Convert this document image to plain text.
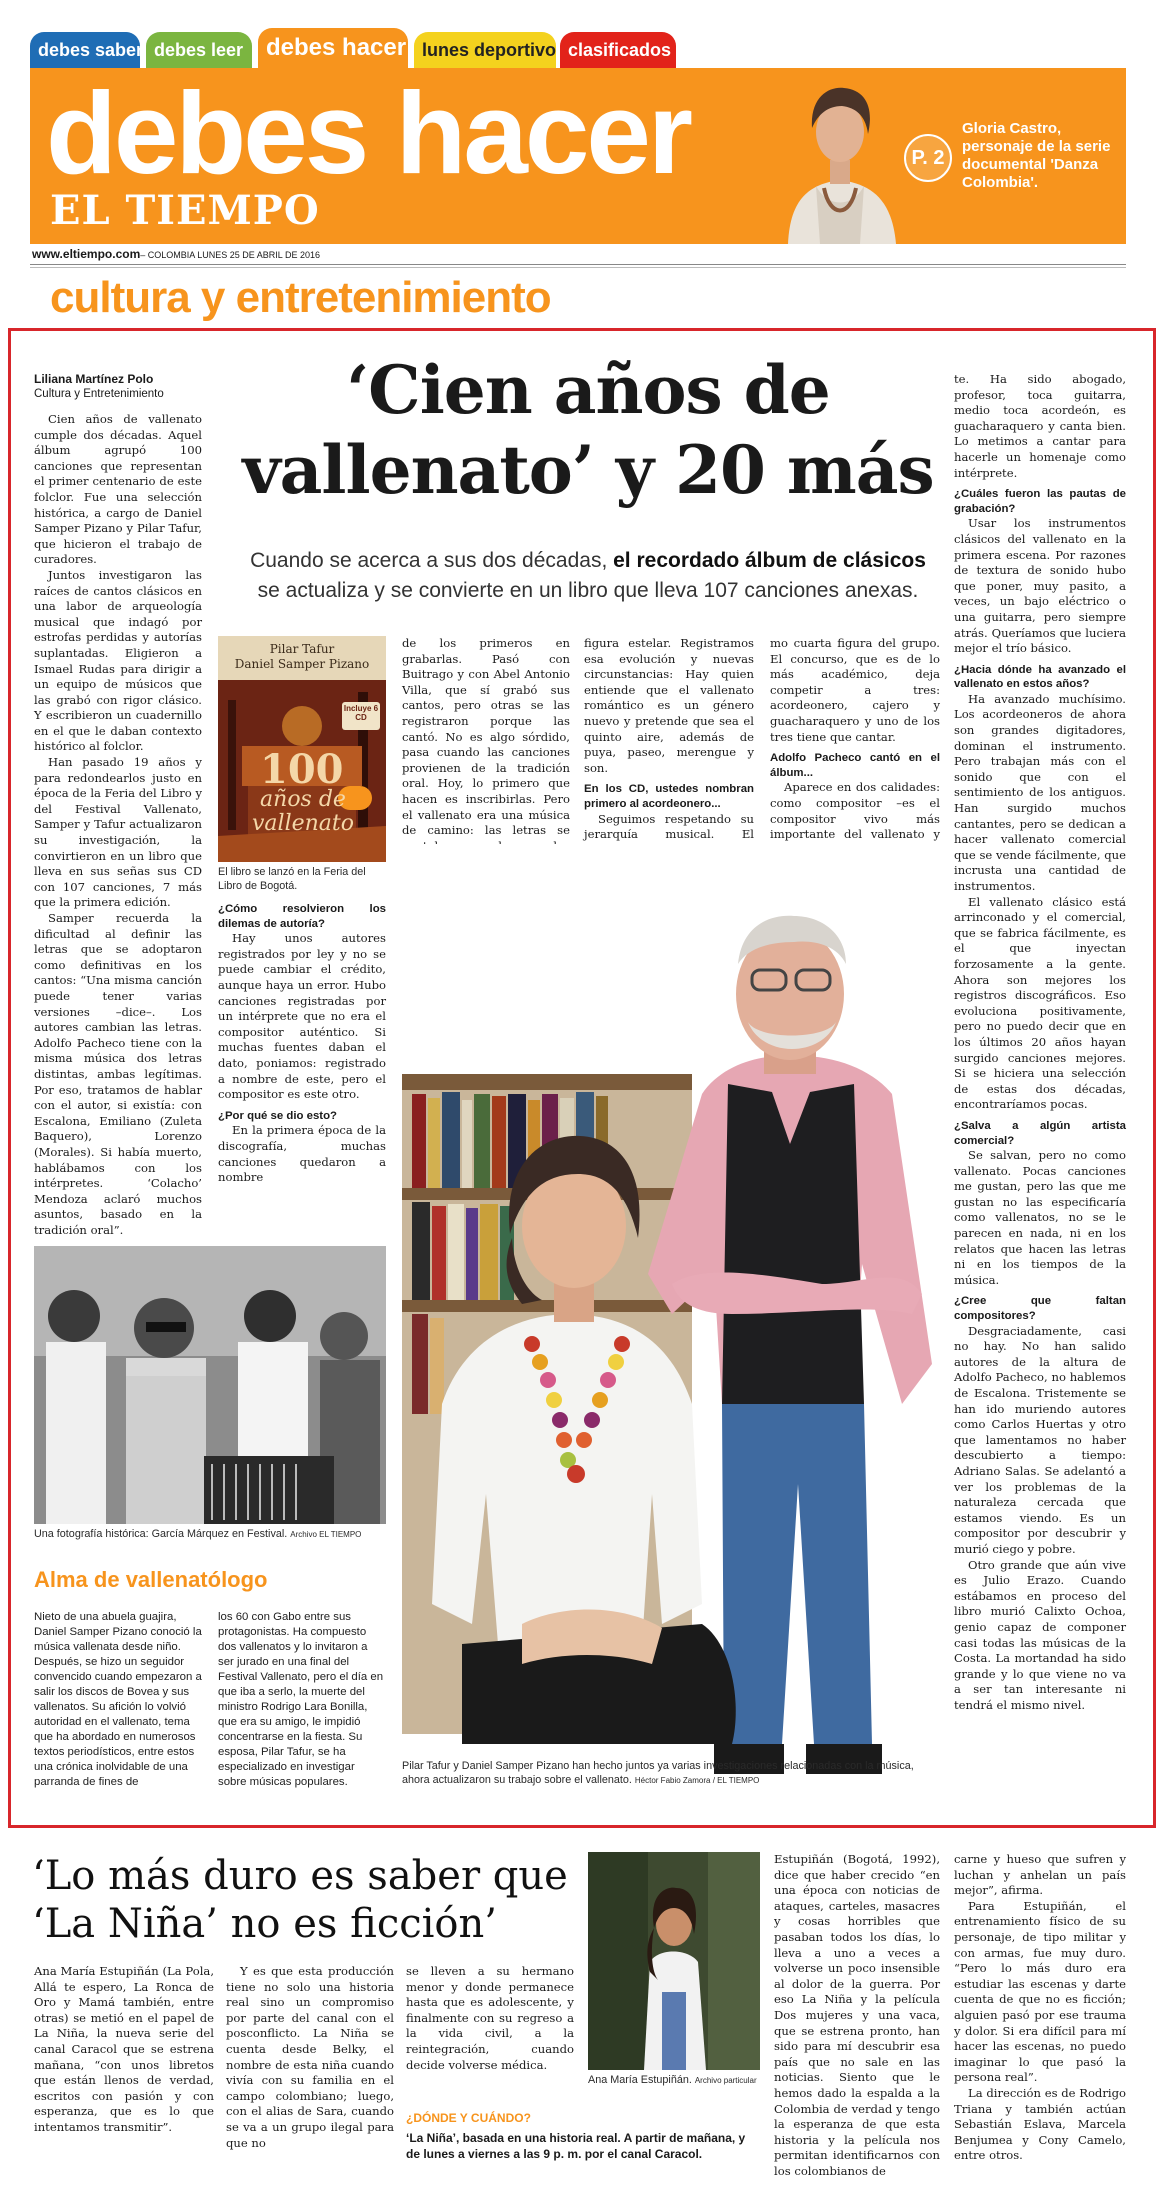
debes saber debes leer debes hacer lunes deportivo clasificados
debes hacer
EL TIEMPO
P. 2
Gloria Castro, personaje de la serie documental 'Danza Colombia'.
www.eltiempo.com– COLOMBIA LUNES 25 DE ABRIL DE 2016
cultura y entretenimiento
Liliana Martínez Polo
Cultura y Entretenimiento	‘Cien años de
vallenato’ y 20 más
Cuando se acerca a sus dos décadas, el recordado álbum de clásicos
se actualiza y se convierte en un libro que lleva 107 canciones anexas.

Cien años de vallenato cumple dos décadas. Aquel álbum agrupó 100 canciones que representan el primer centenario de este folclor. Fue una selección histórica, a cargo de Daniel Samper Pizano y Pilar Tafur, que hicieron el trabajo de curadores.

Juntos investigaron las raíces de cantos clásicos en una labor de arqueología musical que indagó por estrofas perdidas y autorías suplantadas. Eligieron a Ismael Rudas para dirigir a un equipo de músicos que las grabó con rigor clásico. Y escribieron un cuadernillo en el que le daban contexto histórico al folclor.

Han pasado 19 años y para redondearlos justo en época de la Feria del Libro y del Festival Vallenato, Samper y Tafur actualizaron su investigación, la convirtieron en un libro que lleva en sus señas sus CD con 107 canciones, 7 más que la primera edición.

Samper recuerda la dificultad al definir las letras que se adoptaron como definitivas en los cantos: “Una misma canción puede tener varias versiones –dice–. Los autores cambian las letras. Adolfo Pacheco tiene con la misma música dos letras distintas, ambas legítimas. Por eso, tratamos de hablar con el autor, si existía: con Escalona, Emiliano (Zuleta Baquero), Lorenzo (Morales). Si había muerto, hablábamos con los intérpretes. ‘Colacho’ Mendoza aclaró muchos asuntos, basado en la tradición oral”.

Pilar Tafur
Daniel Samper Pizano
Incluye 6 CD
100
años de vallenato
El libro se lanzó en la Feria del Libro de Bogotá.

¿Cómo resolvieron los dilemas de autoría?

Hay unos autores registrados por ley y no se puede cambiar el crédito, aunque haya un error. Hubo canciones registradas por un intérprete que no era el compositor auténtico. Si muchas fuentes daban el dato, poniamos: registrado a nombre de este, pero el compositor es este otro.

¿Por qué se dio esto?

En la primera época de la discografía, muchas canciones quedaron a nombre

de los primeros en grabarlas. Pasó con Buitrago y con Abel Antonio Villa, que sí grabó sus cantos, pero otras se las registraron porque las cantó. No es algo sórdido, pasa cuando las canciones provienen de la tradición oral. Hoy, lo primero que hacen es inscribirlas. Pero el vallenato era una música de camino: las letras se

figura estelar. Registramos esa evolución y nuevas circunstancias: Hay quien entiende que el vallenato romántico es un género nuevo y pretende que sea el quinto aire, además de puya, paseo, merengue y son.

En los CD, ustedes nombran primero al acordeonero...

Seguimos respetando su jerarquía musical. El

mo cuarta figura del grupo. El concurso, que es de lo más académico, deja competir a tres: acordeonero, cajero y guacharaquero y uno de los tres tiene que cantar.

Adolfo Pacheco cantó en el álbum...

Aparece en dos calidades: como compositor –es el compositor vivo más importante del vallenato y

te. Ha sido abogado, profesor, toca guitarra, medio toca acordeón, es guacharaquero y canta bien. Lo metimos a cantar para hacerle un homenaje como intérprete.

¿Cuáles fueron las pautas de grabación?

Usar los instrumentos clásicos del vallenato en la primera escena. Por razones de textura de sonido hubo que poner, muy pasito, a veces, un bajo eléctrico o una guitarra, pero siempre atrás. Queríamos que luciera mejor el trío básico.

¿Hacia dónde ha avanzado el vallenato en estos años?

Ha avanzado muchísimo. Los acordeoneros de ahora son grandes digitadores, dominan el instrumento. Pero trabajan más con el sonido que con el sentimiento de los antiguos. Han surgido muchos cantantes, pero se dedican a hacer vallenato comercial que se vende fácilmente, que incrusta una cantidad de instrumentos.

El vallenato clásico está arrinconado y el comercial, que se fabrica fácilmente, es el que inyectan forzosamente a la gente. Ahora son mejores los registros discográficos. Eso evoluciona positivamente, pero no puedo decir que en los últimos 20 años hayan surgido canciones mejores. Si se hiciera una selección de estas dos décadas, encontraríamos pocas.

¿Salva a algún artista comercial?

Se salvan, pero no como vallenato. Pocas canciones me gustan, pero las que me gustan no las especificaría como vallenatos, no se le parecen en nada, ni en los relatos que hacen las letras ni en los tiempos de la música.

¿Cree que faltan compositores?

Desgraciadamente, casi no hay. No han salido autores de la altura de Adolfo Pacheco, no hablemos de Escalona. Tristemente se han ido muriendo autores como Carlos Huertas y otro que lamentamos no haber descubierto a tiempo: Adriano Salas. Se adelantó a ver los problemas de la naturaleza cercada que estamos viendo. Es un compositor por descubrir y murió ciego y pobre.

Otro grande que aún vive es Julio Erazo. Cuando estábamos en proceso del libro murió Calixto Ochoa, genio capaz de componer casi todas las músicas de la Costa. La mortandad ha sido grande y lo que viene no va a ser tan interesante ni tendrá el mismo nivel.

Una fotografía histórica: García Márquez en Festival. Archivo EL TIEMPO
Pilar Tafur y Daniel Samper Pizano han hecho juntos ya varias investigaciones relacionadas con la música, ahora actualizaron su trabajo sobre el vallenato. Héctor Fabio Zamora / EL TIEMPO
Alma de vallenatólogo
Nieto de una abuela guajira, Daniel Samper Pizano conoció la música vallenata desde niño. Después, se hizo un seguidor convencido cuando empezaron a salir los discos de Bovea y sus vallenatos. Su afición lo volvió autoridad en el vallenato, tema que ha abordado en numerosos textos periodísticos, entre estos una crónica inolvidable de una parranda de fines de
los 60 con Gabo entre sus protagonistas. Ha compuesto dos vallenatos y lo invitaron a ser jurado en una final del Festival Vallenato, pero el día en que iba a serlo, la muerte del ministro Rodrigo Lara Bonilla, que era su amigo, le impidió concentrarse en la fiesta. Su esposa, Pilar Tafur, se ha especializado en investigar sobre músicas populares.
‘Lo más duro es saber que
‘La Niña’ no es ficción’

Ana María Estupiñán (La Pola, Allá te espero, La Ronca de Oro y Mamá también, entre otras) se metió en el papel de La Niña, la nueva serie del canal Caracol que se estrena mañana, “con unos libretos que están llenos de verdad, escritos con pasión y con esperanza, que es lo que intentamos transmitir”.

Y es que esta producción tiene no solo una historia real sino un compromiso por parte del canal con el posconflicto. La Niña se cuenta desde Belky, el nombre de esta niña cuando vivía con su familia en el campo colombiano; luego, con el alias de Sara, cuando se va a un grupo ilegal para que no

se lleven a su hermano menor y donde permanece hasta que es adolescente, y finalmente con su regreso a la vida civil, a la reintegración, cuando decide volverse médica.

¿DÓNDE Y CUÁNDO?
‘La Niña’, basada en una historia real. A partir de mañana, y de lunes a viernes a las 9 p. m. por el canal Caracol.
Ana María Estupiñán. Archivo particular

Estupiñán (Bogotá, 1992), dice que haber crecido “en una época con noticias de ataques, carteles, masacres y cosas horribles que pasaban todos los días, lo lleva a uno a veces a volverse un poco insensible al dolor de la guerra. Por eso La Niña y la película Dos mujeres y una vaca, que se estrena pronto, han sido para mí descubrir esa país que no sale en las noticias. Siento que le hemos dado la espalda a la Colombia de verdad y tengo la esperanza de que esta historia y la película nos permitan identificarnos con los colombianos de

carne y hueso que sufren y luchan y anhelan un país mejor”, afirma.

Para Estupiñán, el entrenamiento físico de su personaje, de tipo militar y con armas, fue muy duro. “Pero lo más duro era estudiar las escenas y darte cuenta de que no es ficción; alguien pasó por ese trauma y dolor. Si era difícil para mí hacer las escenas, no puedo imaginar lo que pasó la persona real”.

La dirección es de Rodrigo Triana y también actúan Sebastián Eslava, Marcela Benjumea y Cony Camelo, entre otros.
